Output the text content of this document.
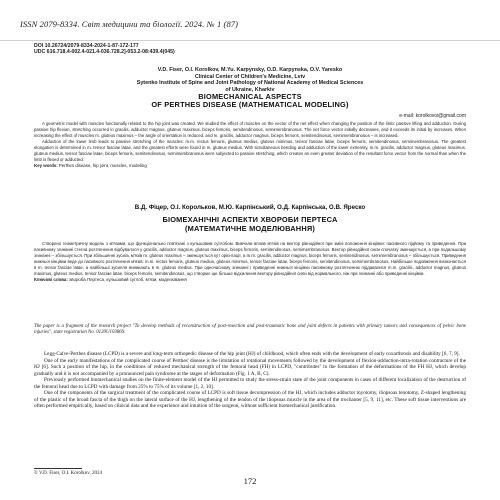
ISSN 2079-8334. Світ медицини та біології. 2024. № 1 (87)
DOI 10.26724/2079-8334-2024-1-87-172-177
UDC 616.718.4-002.4-021.4-036.728.2]-053.2-08:439.4(045)
V.D. Fiser, O.I. Korolkov, M.Yu. Karpynsky, O.D. Karpynska, O.V. Yaresko
Clinical Center of Children's Medicine, Lviv
Sytenko Institute of Spine and Joint Pathology of National Academy of Medical Sciences
of Ukraine, Kharkiv
BIOMECHANICAL ASPECTS
OF PERTHES DISEASE (MATHEMATICAL MODELING)
e-mail: korolkovoi@gmail.com

A geometric model with muscles functionally related to the hip joint was created. We studied the effect of muscles on the vector of the net effect when changing the position of the limb: passive lifting and adduction. During passive hip flexion, stretching occurred in gracilis, adductor magnus, gluteus maximus, biceps femoris, semitendinosus, semimembranosus. The net force vector initially decreases, and it exceeds its initial by increases. When increasing the effect of muscles m. gluteus maximus – the angle of orientation is reduced, and m. gracilis, adductor magnus, biceps femoris, semitendinosus, semimembranosus – is increased.

Adduction of the lower limb leads to passive stretching of the muscles: m.m. rectus femoris, gluteus medius, gluteus minimus, tensor fasciae latae, biceps femoris, semitendinosus, semimembranosus. The greatest elongation is determined in m. tensor fasciae latae, and the greatest efforts were found in m. gluteus medius. With simultaneous bending and adduction of the lower extremity, m.m. gracilis, adductor magnus, gluteus maximus, gluteus medius, tensor fasciae latae, biceps femoris, semitendinosus, semimembranosus were subjected to passive stretching, which creates an even greater deviation of the resultant force vector from the normal than when the limb is flexed or adducted.

Key words: Perthes disease, hip joint, muscles, modeling
В.Д. Фіцер, О.І. Корольков, М.Ю. Карпінський, О.Д. Карпінська, О.В. Яреско
БІОМЕХАНІЧНІ АСПЕКТИ ХВОРОБИ ПЕРТЕСА
(МАТЕМАТИЧНЕ МОДЕЛЮВАННЯ)

Створено геометричну модель з м'язами, що функціонально пов'язані з кульшовим суглобом. Вивчали вплив м'язів на вектор рівнодійної при зміні положення кінцівки: пасивного підйому та приведення. При пасивному згинанні стегна розтягнення відбувалося у gracilis, adductor magnus, gluteus maximus, biceps femoris, semitendinosus, semimembranosus. Вектор рівнодійної сили спочатку зменшується, а при подальшому згинанні – збільшується. При збільшенні зусиль м'язів m. gluteus maximus – зменшується кут орієнтації, а m.m. gracilis, adductor magnus, biceps femoris, semitendinosus, semimembranosus – збільшується. Приведення нижньої кінцівки веде до пасивного розтягнення м'язів: m.m. rectus femoris, gluteus medius, gluteus minimus, tensor fasciae latae, biceps femoris, semitendinosus, semimembranosus. Найбільше подовження визначається в m. tensor fasciae latae, а найбільші зусилля виникають в m. gluteus medius. При одночасному згинанні і приведенні нижньої кінцівки пасивному розтягненню піддавалися m.m. gracilis, adductor magnus, gluteus maximus, gluteus medius, tensor fasciae latae, biceps femoris, semitendinosus, що створює ще більше відхилення вектору рівнодійної сили від нормального, ніж при згинанні або приведенні кінцівки.

Ключові слова: хвороба Пертеса, кульшовий суглоб, м'язи, моделювання
The paper is a fragment of the research project "To develop methods of reconstruction of post-resection and post-traumatic bone and joint defects in patients with primary tumors and consequences of pelvic bone injuries", state registration No. 0120U103869.

Legg-Calve-Perthes disease (LCPD) is a severe and long-term orthopedic disease of the hip joint (HJ) of childhood, which often ends with the development of early coxarthrosis and disability [6, 7, 9].

One of the early manifestations of the complicated course of Perthes' disease is the limitation of rotational movements followed by the development of flexion-adduction-intra-rotation contracture of the HJ [6]. Such a position of the hip, in the conditions of reduced mechanical strength of the femoral head (FH) in LCPD, "contributes" to the formation of the deformations of the FH HJ, which develop gradually and it is not accompanied by a pronounced pain syndrome at the stages of deformation (Fig. 1 A, B, C).

Previously performed biomechanical studies on the finite-element model of the HJ permitted to study the stress-strain state of the joint components in cases of different localization of the destruction of the femoral head due to LCPD with damage from 25% to 75% of its volume [1, 2, 10].

One of the components of the surgical treatment of the complicated course of LCPD is soft tissue decompression of the HJ, which includes adductor myotomy, iliopsoas tenotomy, Z-shaped lengthening of the plastic of the broad fascia of the thigh on the lateral surface of the HJ, lengthening of the tendon of the iliopsoas muscle in the area of the trochanter [5, 9, 11], etc. These soft tissue interventions are often performed empirically, based on clinical data and the experience and intuition of the surgeon, without sufficient biomechanical justification.

© V.D. Fiser, O.I. Korolkov, 2024
172
